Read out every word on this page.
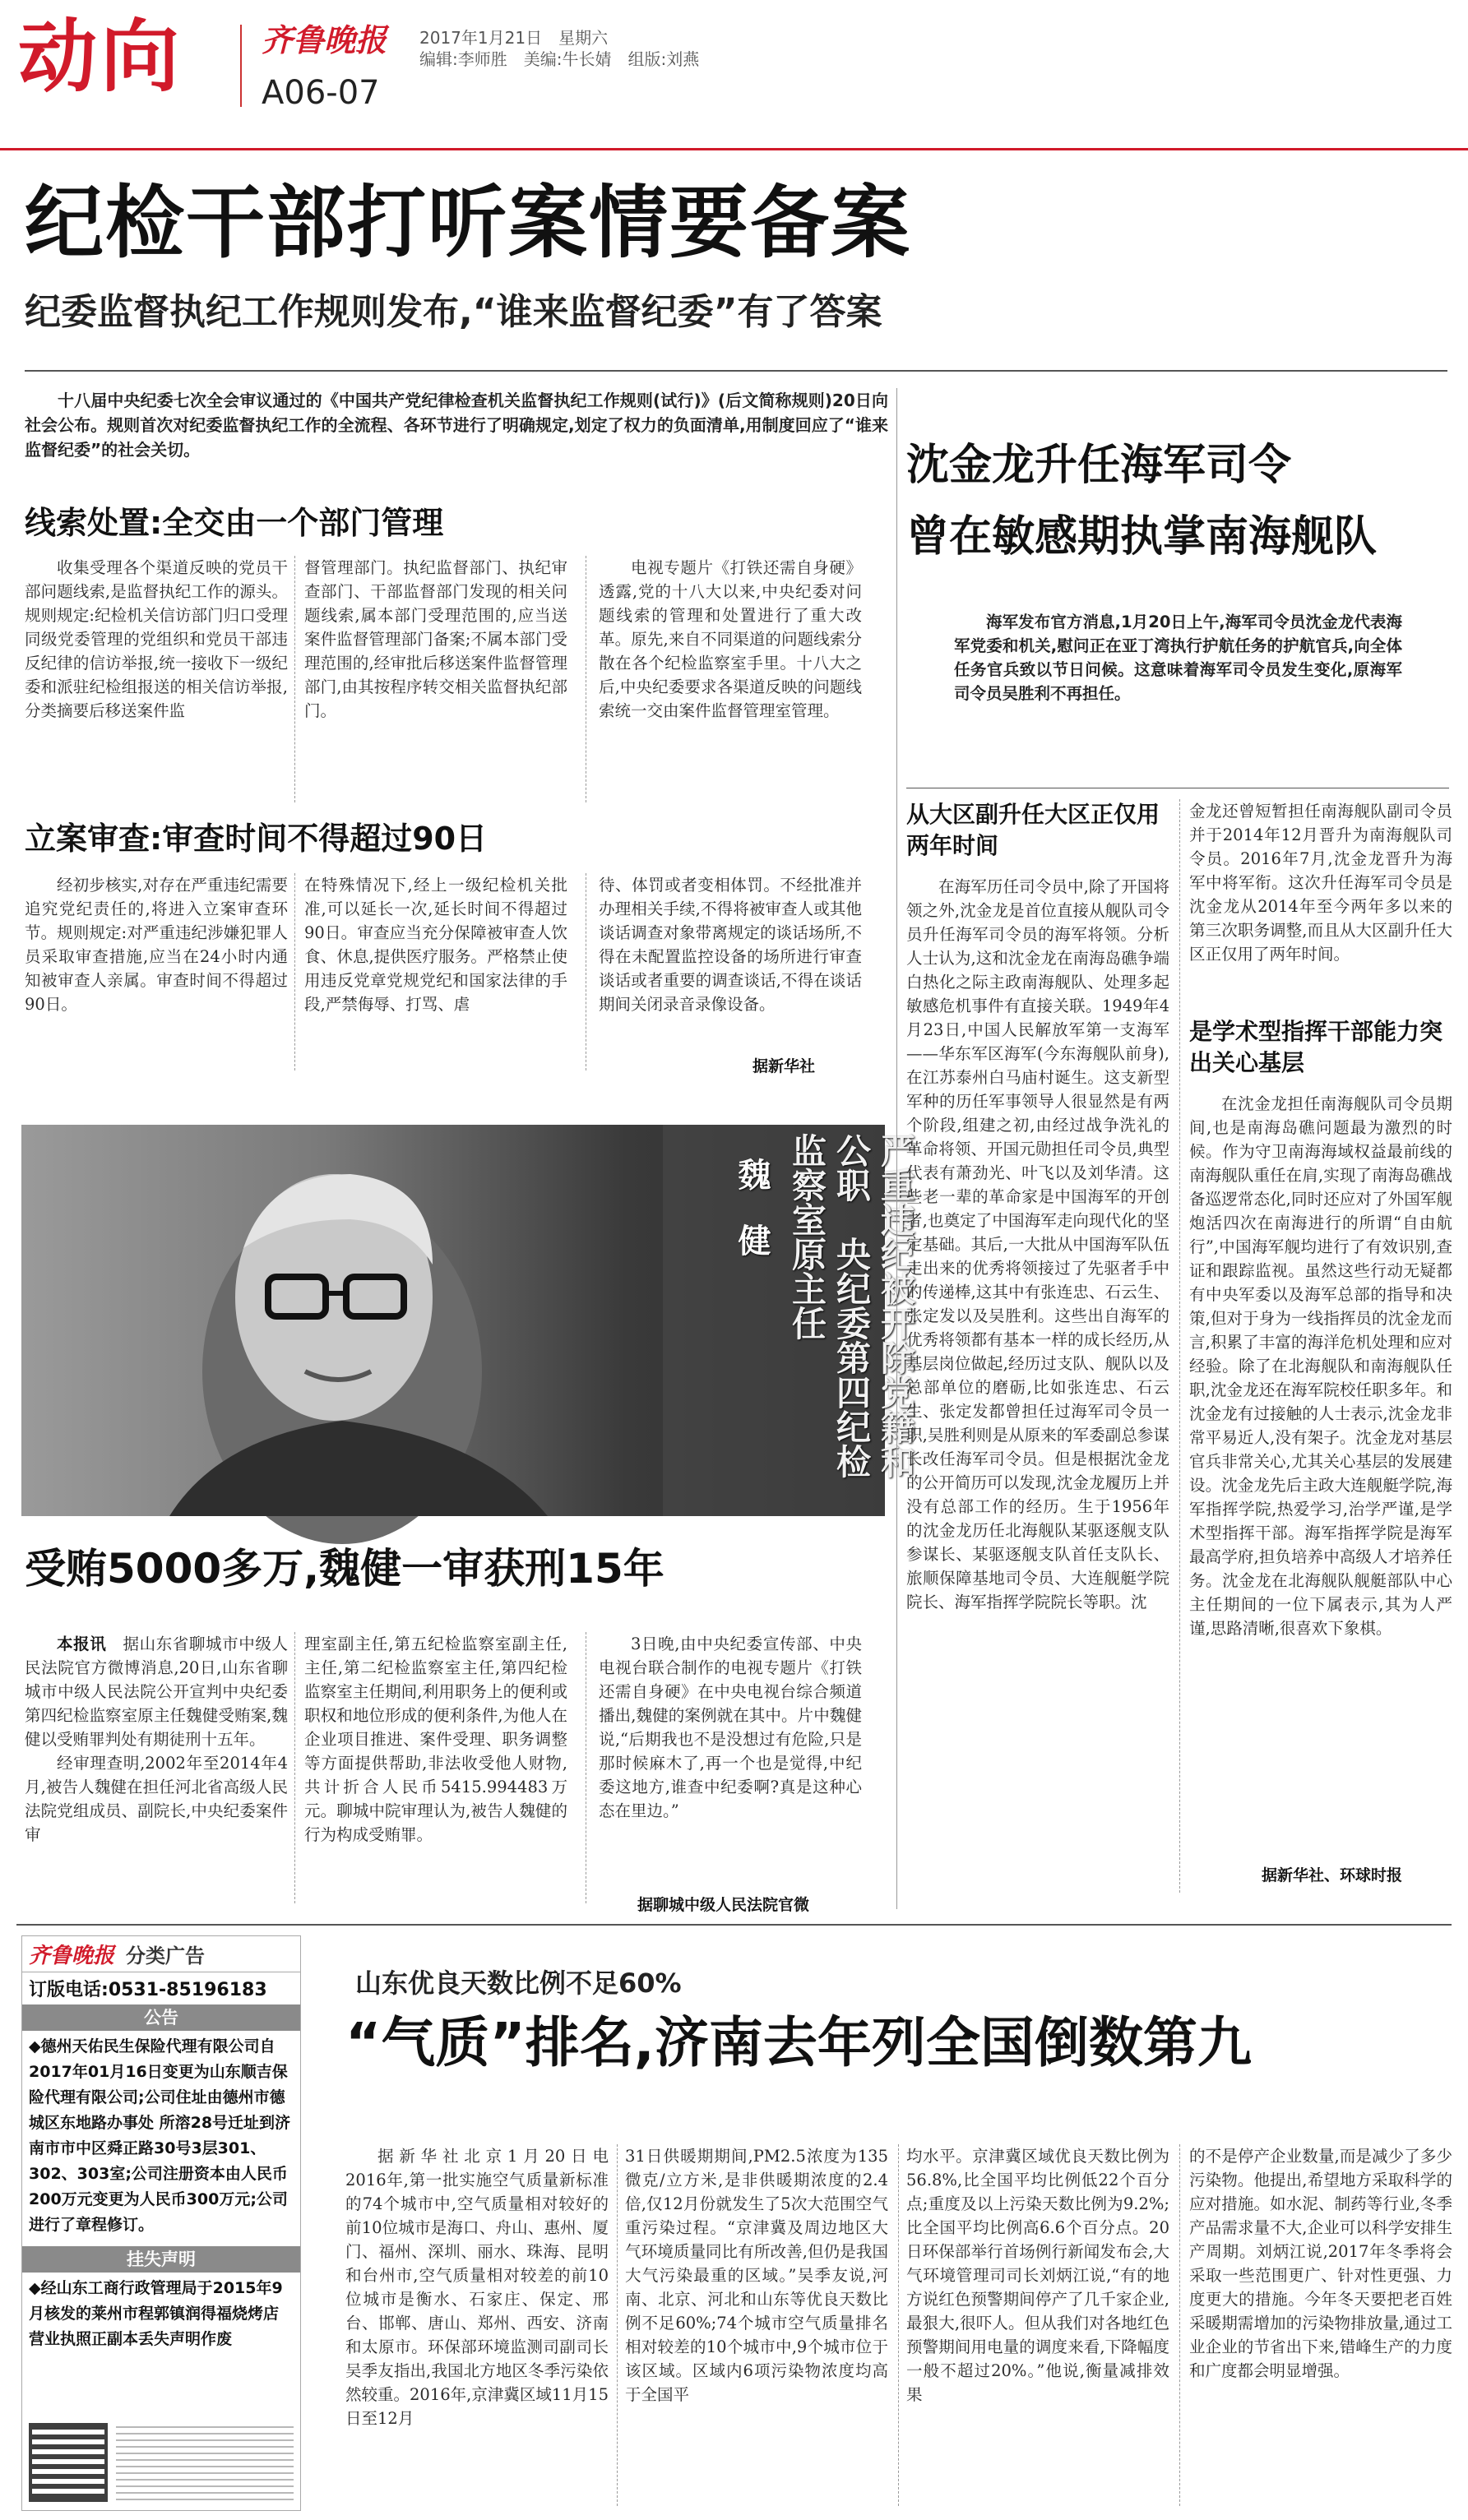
动向	齐鲁晚报 2017年1月21日　星期六
编辑:李师胜　美编:牛长婧　组版:刘燕
A06-07
纪检干部打听案情要备案
纪委监督执纪工作规则发布,“谁来监督纪委”有了答案
十八届中央纪委七次全会审议通过的《中国共产党纪律检查机关监督执纪工作规则(试行)》(后文简称规则)20日向社会公布。规则首次对纪委监督执纪工作的全流程、各环节进行了明确规定,划定了权力的负面清单,用制度回应了“谁来监督纪委”的社会关切。
线索处置:全交由一个部门管理
收集受理各个渠道反映的党员干部问题线索,是监督执纪工作的源头。规则规定:纪检机关信访部门归口受理同级党委管理的党组织和党员干部违反纪律的信访举报,统一接收下一级纪委和派驻纪检组报送的相关信访举报,分类摘要后移送案件监
督管理部门。执纪监督部门、执纪审查部门、干部监督部门发现的相关问题线索,属本部门受理范围的,应当送案件监督管理部门备案;不属本部门受理范围的,经审批后移送案件监督管理部门,由其按程序转交相关监督执纪部门。
电视专题片《打铁还需自身硬》透露,党的十八大以来,中央纪委对问题线索的管理和处置进行了重大改革。原先,来自不同渠道的问题线索分散在各个纪检监察室手里。十八大之后,中央纪委要求各渠道反映的问题线索统一交由案件监督管理室管理。
立案审查:审查时间不得超过90日
经初步核实,对存在严重违纪需要追究党纪责任的,将进入立案审查环节。规则规定:对严重违纪涉嫌犯罪人员采取审查措施,应当在24小时内通知被审查人亲属。审查时间不得超过90日。
在特殊情况下,经上一级纪检机关批准,可以延长一次,延长时间不得超过90日。审查应当充分保障被审查人饮食、休息,提供医疗服务。严格禁止使用违反党章党规党纪和国家法律的手段,严禁侮辱、打骂、虐
待、体罚或者变相体罚。不经批准并办理相关手续,不得将被审查人或其他谈话调查对象带离规定的谈话场所,不得在未配置监控设备的场所进行审查谈话或者重要的调查谈话,不得在谈话期间关闭录音录像设备。
据新华社
魏　健	严重违纪被开除党籍和公职　央纪委第四纪检监察室原主任
受贿5000多万,魏健一审获刑15年
本报讯　 据山东省聊城市中级人民法院官方微博消息,20日,山东省聊城市中级人民法院公开宣判中央纪委第四纪检监察室原主任魏健受贿案,魏健以受贿罪判处有期徒刑十五年。
经审理查明,2002年至2014年4月,被告人魏健在担任河北省高级人民法院党组成员、副院长,中央纪委案件审
理室副主任,第五纪检监察室副主任,主任,第二纪检监察室主任,第四纪检监察室主任期间,利用职务上的便利或职权和地位形成的便利条件,为他人在企业项目推进、案件受理、职务调整等方面提供帮助,非法收受他人财物,共计折合人民币5415.994483万元。聊城中院审理认为,被告人魏健的行为构成受贿罪。
3日晚,由中央纪委宣传部、中央电视台联合制作的电视专题片《打铁还需自身硬》在中央电视台综合频道播出,魏健的案例就在其中。片中魏健说,“后期我也不是没想过有危险,只是那时候麻木了,再一个也是觉得,中纪委这地方,谁查中纪委啊?真是这种心态在里边。”
据聊城中级人民法院官微
沈金龙升任海军司令
曾在敏感期执掌南海舰队
海军发布官方消息,1月20日上午,海军司令员沈金龙代表海军党委和机关,慰问正在亚丁湾执行护航任务的护航官兵,向全体任务官兵致以节日问候。这意味着海军司令员发生变化,原海军司令员吴胜利不再担任。
从大区副升任大区正仅用两年时间
在海军历任司令员中,除了开国将领之外,沈金龙是首位直接从舰队司令员升任海军司令员的海军将领。分析人士认为,这和沈金龙在南海岛礁争端白热化之际主政南海舰队、处理多起敏感危机事件有直接关联。1949年4月23日,中国人民解放军第一支海军——华东军区海军(今东海舰队前身),在江苏泰州白马庙村诞生。这支新型军种的历任军事领导人很显然是有两个阶段,组建之初,由经过战争洗礼的革命将领、开国元勋担任司令员,典型代表有萧劲光、叶飞以及刘华清。这些老一辈的革命家是中国海军的开创者,也奠定了中国海军走向现代化的坚定基础。其后,一大批从中国海军队伍走出来的优秀将领接过了先驱者手中的传递棒,这其中有张连忠、石云生、张定发以及吴胜利。这些出自海军的优秀将领都有基本一样的成长经历,从基层岗位做起,经历过支队、舰队以及总部单位的磨砺,比如张连忠、石云生、张定发都曾担任过海军司令员一职,吴胜利则是从原来的军委副总参谋长改任海军司令员。但是根据沈金龙的公开简历可以发现,沈金龙履历上并没有总部工作的经历。生于1956年的沈金龙历任北海舰队某驱逐舰支队参谋长、某驱逐舰支队首任支队长、旅顺保障基地司令员、大连舰艇学院院长、海军指挥学院院长等职。沈
金龙还曾短暂担任南海舰队副司令员并于2014年12月晋升为南海舰队司令员。2016年7月,沈金龙晋升为海军中将军衔。这次升任海军司令员是沈金龙从2014年至今两年多以来的第三次职务调整,而且从大区副升任大区正仅用了两年时间。
是学术型指挥干部能力突出关心基层
在沈金龙担任南海舰队司令员期间,也是南海岛礁问题最为激烈的时候。作为守卫南海海域权益最前线的南海舰队重任在肩,实现了南海岛礁战备巡逻常态化,同时还应对了外国军舰炮活四次在南海进行的所谓“自由航行”,中国海军舰均进行了有效识别,查证和跟踪监视。虽然这些行动无疑都有中央军委以及海军总部的指导和决策,但对于身为一线指挥员的沈金龙而言,积累了丰富的海洋危机处理和应对经验。除了在北海舰队和南海舰队任职,沈金龙还在海军院校任职多年。和沈金龙有过接触的人士表示,沈金龙非常平易近人,没有架子。沈金龙对基层官兵非常关心,尤其关心基层的发展建设。沈金龙先后主政大连舰艇学院,海军指挥学院,热爱学习,治学严谨,是学术型指挥干部。海军指挥学院是海军最高学府,担负培养中高级人才培养任务。沈金龙在北海舰队舰艇部队中心主任期间的一位下属表示,其为人严谨,思路清晰,很喜欢下象棋。
据新华社、环球时报
齐鲁晚报 分类广告
订版电话:0531-85196183
公告
◆德州天佑民生保险代理有限公司自2017年01月16日变更为山东顺吉保险代理有限公司;公司住址由德州市德城区东地路办事处 所溶28号迁址到济南市市中区舜正路30号3层301、302、303室;公司注册资本由人民币200万元变更为人民币300万元;公司进行了章程修订。
挂失声明
◆经山东工商行政管理局于2015年9月核发的莱州市程郭镇润得福烧烤店营业执照正副本丢失声明作废
山东优良天数比例不足60%
“气质”排名,济南去年列全国倒数第九
据新华社北京1月20日电　2016年,第一批实施空气质量新标准的74个城市中,空气质量相对较好的前10位城市是海口、舟山、惠州、厦门、福州、深圳、丽水、珠海、昆明和台州市,空气质量相对较差的前10位城市是衡水、石家庄、保定、邢台、邯郸、唐山、郑州、西安、济南和太原市。环保部环境监测司副司长吴季友指出,我国北方地区冬季污染依然较重。2016年,京津冀区域11月15日至12月
31日供暖期期间,PM2.5浓度为135微克/立方米,是非供暖期浓度的2.4倍,仅12月份就发生了5次大范围空气重污染过程。“京津冀及周边地区大气环境质量同比有所改善,但仍是我国大气污染最重的区域。”吴季友说,河南、北京、河北和山东等优良天数比例不足60%;74个城市空气质量排名相对较差的10个城市中,9个城市位于该区域。区域内6项污染物浓度均高于全国平
均水平。京津冀区域优良天数比例为56.8%,比全国平均比例低22个百分点;重度及以上污染天数比例为9.2%;比全国平均比例高6.6个百分点。20日环保部举行首场例行新闻发布会,大气环境管理司司长刘炳江说,“有的地方说红色预警期间停产了几千家企业,最狠大,很吓人。但从我们对各地红色预警期间用电量的调度来看,下降幅度一般不超过20%。”他说,衡量减排效果
的不是停产企业数量,而是减少了多少污染物。他提出,希望地方采取科学的应对措施。如水泥、制药等行业,冬季产品需求量不大,企业可以科学安排生产周期。刘炳江说,2017年冬季将会采取一些范围更广、针对性更强、力度更大的措施。今年冬天要把老百姓采暖期需增加的污染物排放量,通过工业企业的节省出下来,错峰生产的力度和广度都会明显增强。
